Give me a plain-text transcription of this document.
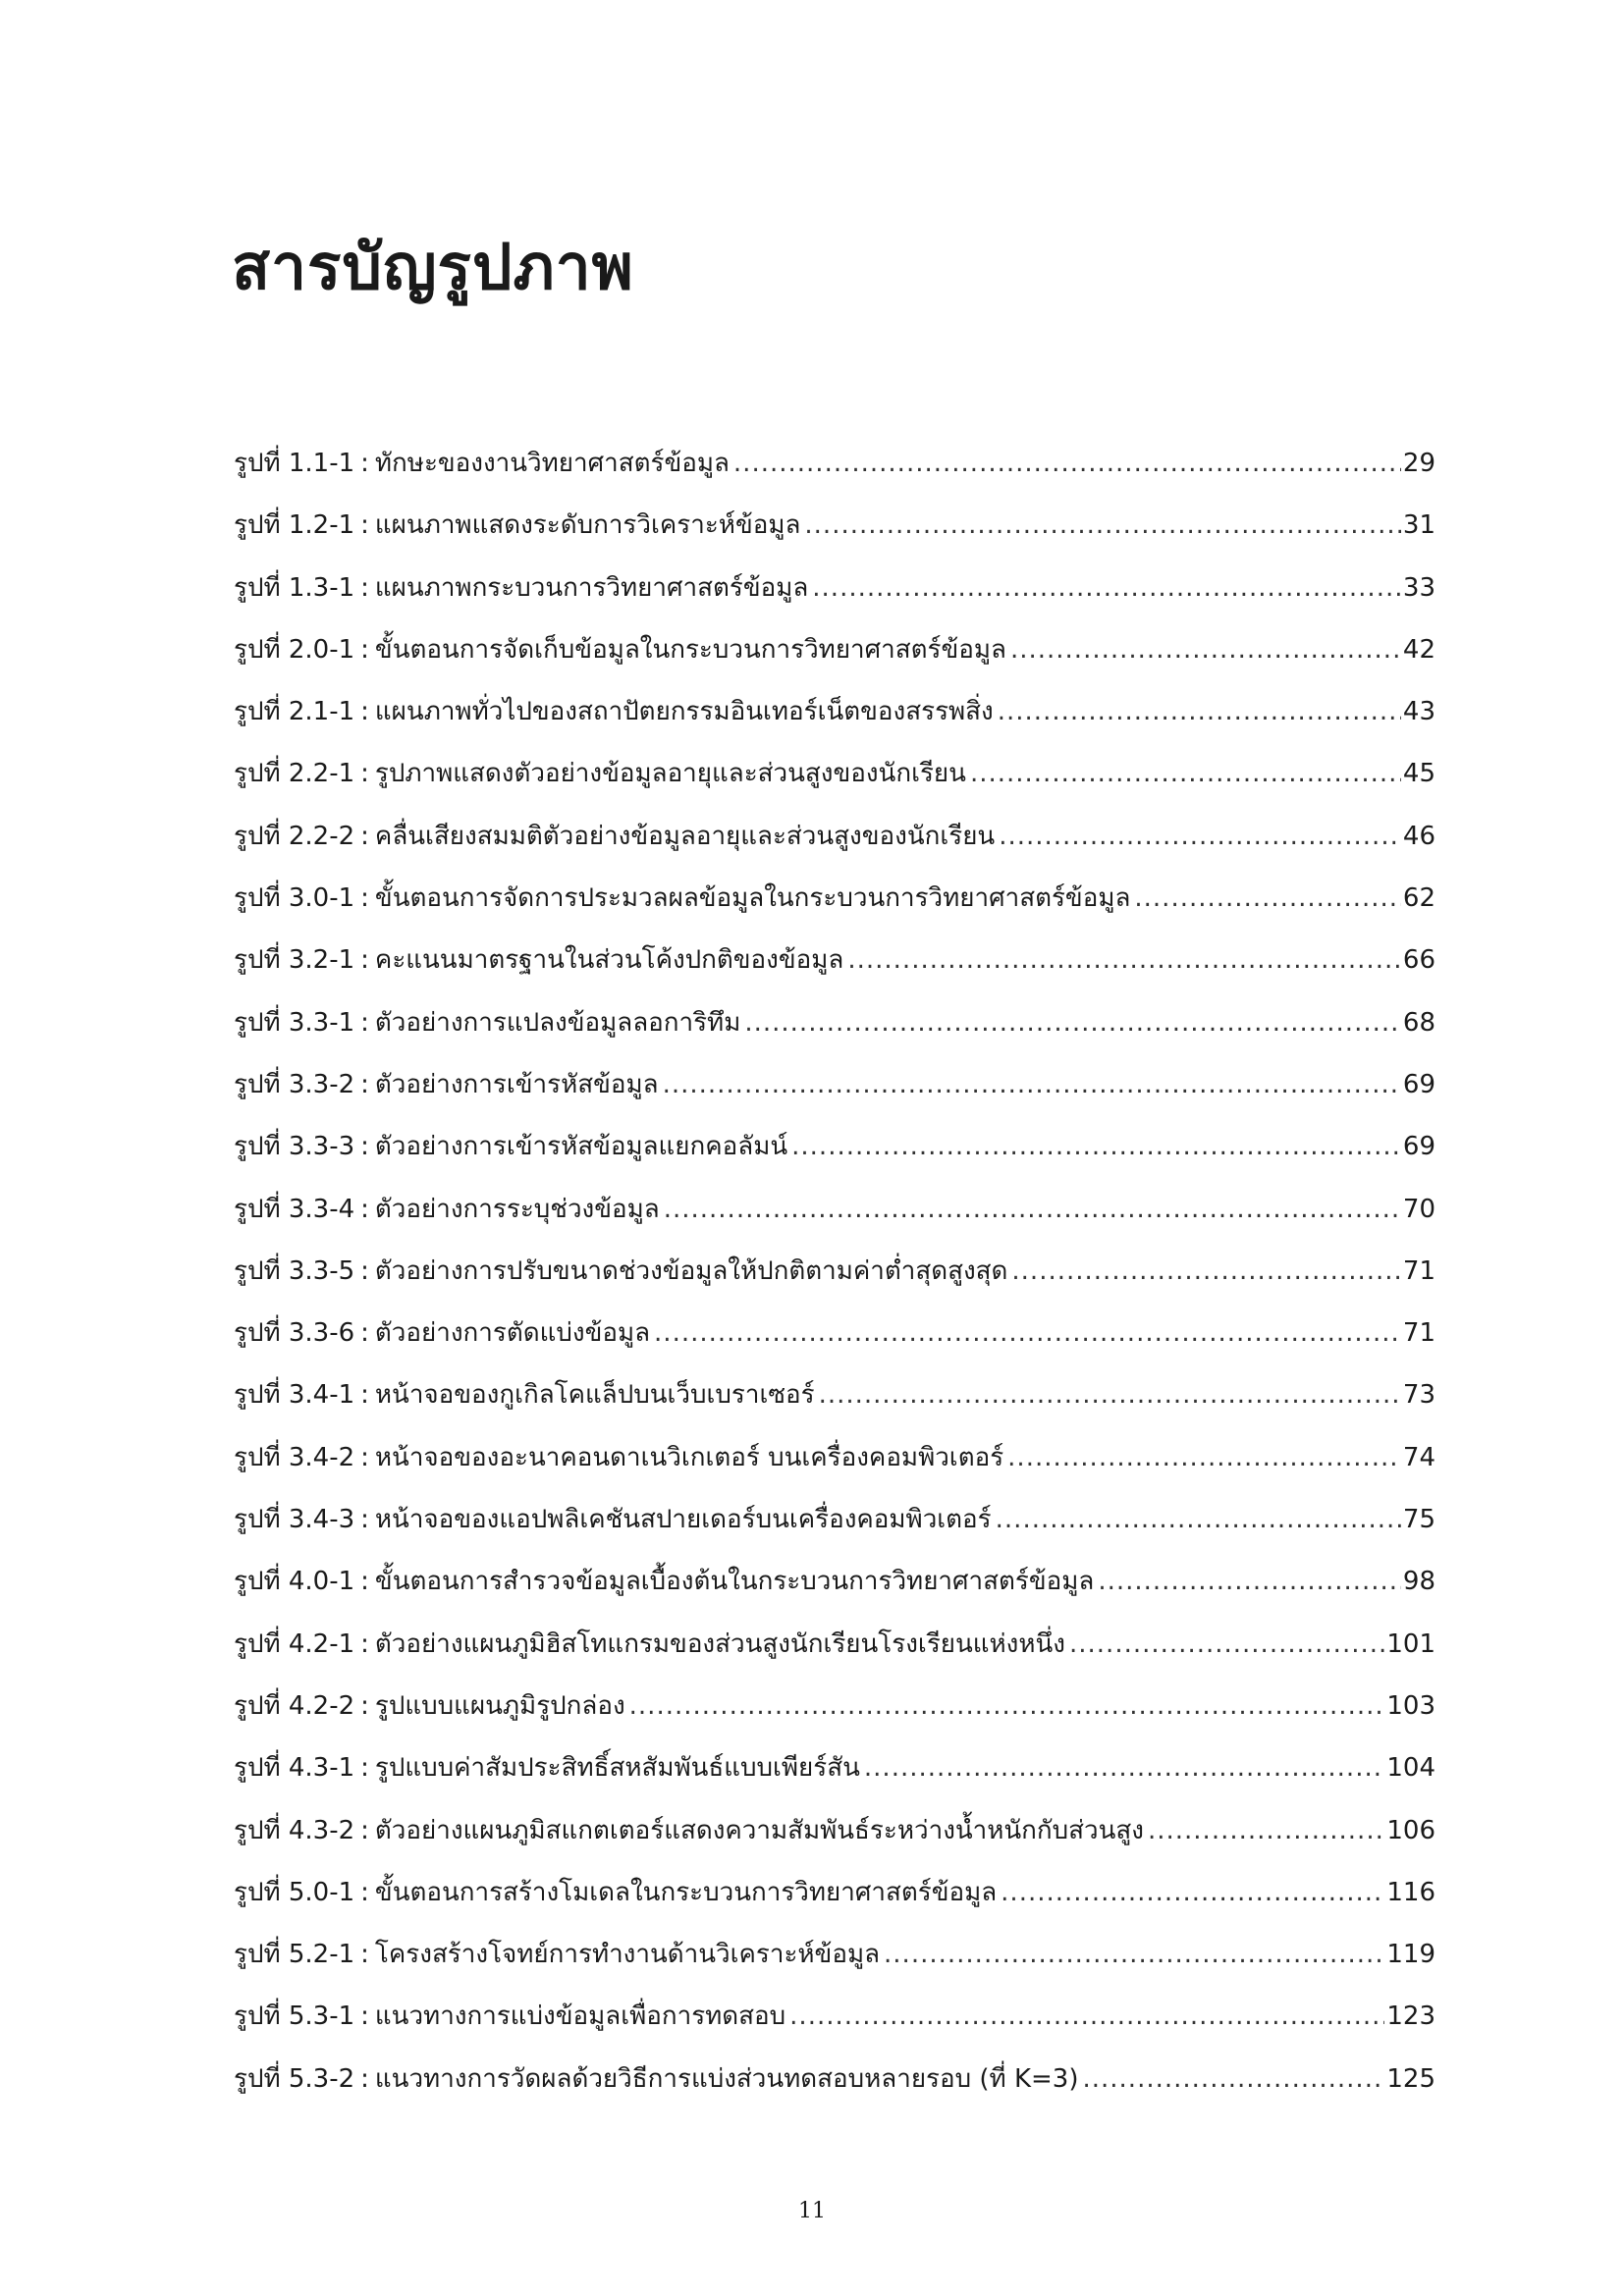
สารบัญรูปภาพ
รูปที่ 1.1-1 : ทักษะของงานวิทยาศาสตร์ข้อมูล .....	29
รูปที่ 1.2-1 : แผนภาพแสดงระดับการวิเคราะห์ข้อมูล .....	31
รูปที่ 1.3-1 : แผนภาพกระบวนการวิทยาศาสตร์ข้อมูล .....	33
รูปที่ 2.0-1 : ขั้นตอนการจัดเก็บข้อมูลในกระบวนการวิทยาศาสตร์ข้อมูล .....	42
รูปที่ 2.1-1 : แผนภาพทั่วไปของสถาปัตยกรรมอินเทอร์เน็ตของสรรพสิ่ง .....	43
รูปที่ 2.2-1 : รูปภาพแสดงตัวอย่างข้อมูลอายุและส่วนสูงของนักเรียน .....	45
รูปที่ 2.2-2 : คลื่นเสียงสมมติตัวอย่างข้อมูลอายุและส่วนสูงของนักเรียน .....	46
รูปที่ 3.0-1 : ขั้นตอนการจัดการประมวลผลข้อมูลในกระบวนการวิทยาศาสตร์ข้อมูล .....	62
รูปที่ 3.2-1 : คะแนนมาตรฐานในส่วนโค้งปกติของข้อมูล .....	66
รูปที่ 3.3-1 : ตัวอย่างการแปลงข้อมูลลอการิทึม .....	68
รูปที่ 3.3-2 : ตัวอย่างการเข้ารหัสข้อมูล .....	69
รูปที่ 3.3-3 : ตัวอย่างการเข้ารหัสข้อมูลแยกคอลัมน์ .....	69
รูปที่ 3.3-4 : ตัวอย่างการระบุช่วงข้อมูล .....	70
รูปที่ 3.3-5 : ตัวอย่างการปรับขนาดช่วงข้อมูลให้ปกติตามค่าต่ำสุดสูงสุด .....	71
รูปที่ 3.3-6 : ตัวอย่างการตัดแบ่งข้อมูล .....	71
รูปที่ 3.4-1 : หน้าจอของกูเกิลโคแล็ปบนเว็บเบราเซอร์ .....	73
รูปที่ 3.4-2 : หน้าจอของอะนาคอนดาเนวิเกเตอร์ บนเครื่องคอมพิวเตอร์ .....	74
รูปที่ 3.4-3 : หน้าจอของแอปพลิเคชันสปายเดอร์บนเครื่องคอมพิวเตอร์ .....	75
รูปที่ 4.0-1 : ขั้นตอนการสำรวจข้อมูลเบื้องต้นในกระบวนการวิทยาศาสตร์ข้อมูล .....	98
รูปที่ 4.2-1 : ตัวอย่างแผนภูมิฮิสโทแกรมของส่วนสูงนักเรียนโรงเรียนแห่งหนึ่ง .....	101
รูปที่ 4.2-2 : รูปแบบแผนภูมิรูปกล่อง .....	103
รูปที่ 4.3-1 : รูปแบบค่าสัมประสิทธิ์สหสัมพันธ์แบบเพียร์สัน .....	104
รูปที่ 4.3-2 : ตัวอย่างแผนภูมิสแกตเตอร์แสดงความสัมพันธ์ระหว่างน้ำหนักกับส่วนสูง .....	106
รูปที่ 5.0-1 : ขั้นตอนการสร้างโมเดลในกระบวนการวิทยาศาสตร์ข้อมูล .....	116
รูปที่ 5.2-1 : โครงสร้างโจทย์การทำงานด้านวิเคราะห์ข้อมูล .....	119
รูปที่ 5.3-1 : แนวทางการแบ่งข้อมูลเพื่อการทดสอบ .....	123
รูปที่ 5.3-2 : แนวทางการวัดผลด้วยวิธีการแบ่งส่วนทดสอบหลายรอบ (ที่ K=3) .....	125
11
